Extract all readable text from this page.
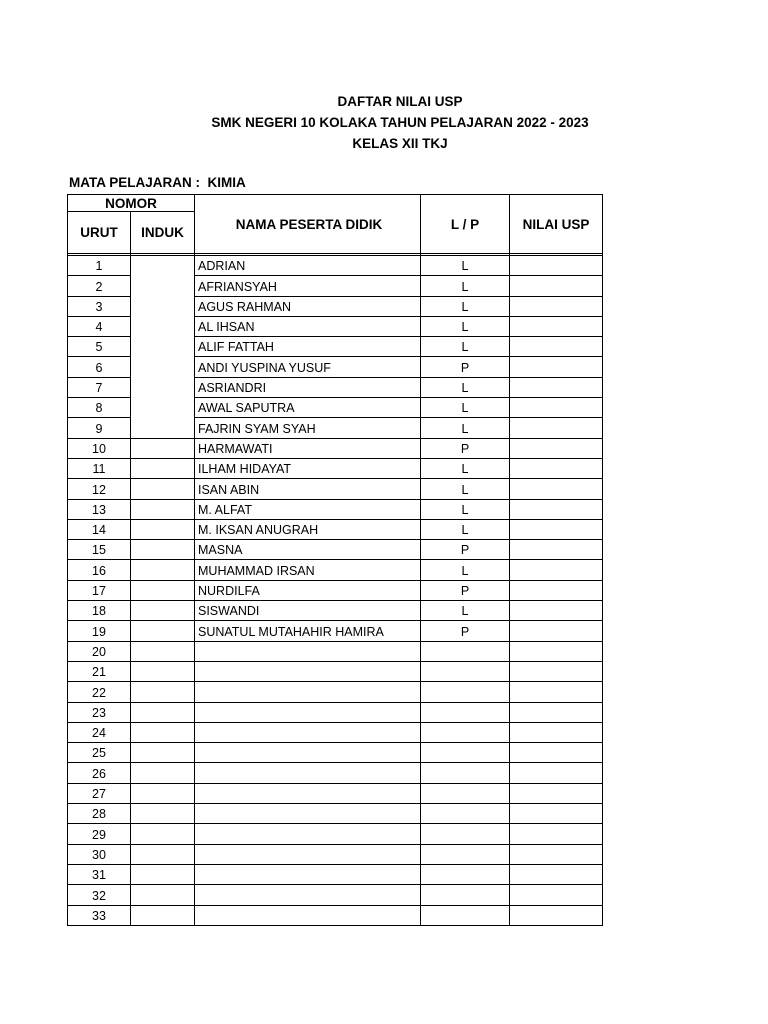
DAFTAR NILAI USP
SMK NEGERI 10 KOLAKA TAHUN PELAJARAN 2022 - 2023
KELAS XII TKJ
MATA PELAJARAN :  KIMIA
NOMOR		NAMA PESERTA DIDIK	L / P	NILAI USP
URUT	INDUK			

1		ADRIAN	L	
2		AFRIANSYAH	L	
3		AGUS RAHMAN	L	
4		AL IHSAN	L	
5		ALIF FATTAH	L	
6		ANDI YUSPINA YUSUF	P	
7		ASRIANDRI	L	
8		AWAL SAPUTRA	L	
9		FAJRIN SYAM SYAH	L	
10		HARMAWATI	P	
11		ILHAM HIDAYAT	L	
12		ISAN ABIN	L	
13		M. ALFAT	L	
14		M. IKSAN ANUGRAH	L	
15		MASNA	P	
16		MUHAMMAD IRSAN	L	
17		NURDILFA	P	
18		SISWANDI	L	
19		SUNATUL MUTAHAHIR HAMIRA	P	
20				
21				
22				
23				
24				
25				
26				
27				
28				
29				
30				
31				
32				
33				
